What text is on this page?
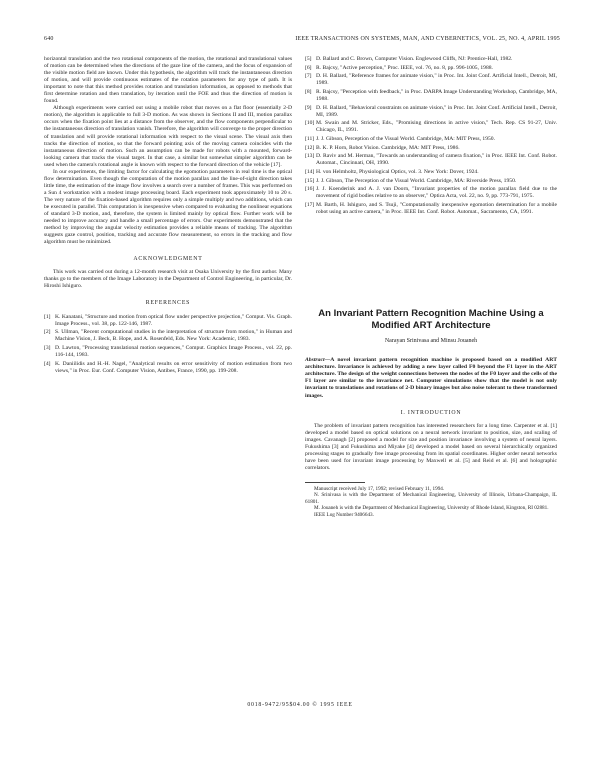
640	IEEE TRANSACTIONS ON SYSTEMS, MAN, AND CYBERNETICS, VOL. 25, NO. 4, APRIL 1995

horizontal translation and the two rotational components of the motion, the rotational and translational values of motion can be determined when the directions of the gaze line of the camera, and the focus of expansion of the visible motion field are known. Under this hypothesis, the algorithm will track the instantaneous direction of motion, and will provide continuous estimates of the rotation parameters for any type of path. It is important to note that this method provides rotation and translation information, as opposed to methods that first determine rotation and then translation, by iteration until the FOE and thus the direction of motion is found.

Although experiments were carried out using a mobile robot that moves on a flat floor (essentially 2-D motion), the algorithm is applicable to full 3-D motion. As was shown in Sections II and III, motion parallax occurs when the fixation point lies at a distance from the observer, and the flow components perpendicular to the instantaneous direction of translation vanish. Therefore, the algorithm will converge to the proper direction of translation and will provide rotational information with respect to the visual scene. The visual axis then tracks the direction of motion, so that the forward pointing axis of the moving camera coincides with the instantaneous direction of motion. Such an assumption can be made for robots with a mounted, forward-looking camera that tracks the visual target. In that case, a similar but somewhat simpler algorithm can be used when the camera's rotational angle is known with respect to the forward direction of the vehicle [17].

In our experiments, the limiting factor for calculating the egomotion parameters in real time is the optical flow determination. Even though the computation of the motion parallax and the line-of-sight direction takes little time, the estimation of the image flow involves a search over a number of frames. This was performed on a Sun 4 workstation with a modest image processing board. Each experiment took approximately 10 to 20 s. The very nature of the fixation-based algorithm requires only a simple multiply and two additions, which can be executed in parallel. This computation is inexpensive when compared to evaluating the nonlinear equations of standard 3-D motion, and, therefore, the system is limited mainly by optical flow. Further work will be needed to improve accuracy and handle a small percentage of errors. Our experiments demonstrated that the method by improving the angular velocity estimation provides a reliable means of tracking. The algorithm suggests gaze control, position, tracking and accurate flow measurement, so errors in the tracking and flow algorithm must be minimized.

ACKNOWLEDGMENT

This work was carried out during a 12-month research visit at Osaka University by the first author. Many thanks go to the members of the Image Laboratory in the Department of Control Engineering, in particular, Dr. Hiroshi Ishiguro.

REFERENCES

[1] K. Kanatani, "Structure and motion from optical flow under perspective projection," Comput. Vis. Graph. Image Process., vol. 38, pp. 122-146, 1987.

[2] S. Ullman, "Recent computational studies in the interpretation of structure from motion," in Human and Machine Vision, J. Beck, B. Hope, and A. Rosenfeld, Eds. New York: Academic, 1983.

[3] D. Lawton, "Processing translational motion sequences," Comput. Graphics Image Process., vol. 22, pp. 116-144, 1983.

[4] K. Daniilidis and H.-H. Nagel, "Analytical results on error sensitivity of motion estimation from two views," in Proc. Eur. Conf. Computer Vision, Antibes, France, 1990, pp. 199-208.

[5] D. Ballard and C. Brown, Computer Vision. Englewood Cliffs, NJ: Prentice-Hall, 1982.

[6] R. Bajcsy, "Active perception," Proc. IEEE, vol. 76, no. 8, pp. 996-1005, 1988.

[7] D. H. Ballard, "Reference frames for animate vision," in Proc. Int. Joint Conf. Artificial Intell., Detroit, MI, 1989.

[8] R. Bajcsy, "Perception with feedback," in Proc. DARPA Image Understanding Workshop, Cambridge, MA, 1988.

[9] D. H. Ballard, "Behavioral constraints on animate vision," in Proc. Int. Joint Conf. Artificial Intell., Detroit, MI, 1989.

[10] M. Swain and M. Stricker, Eds., "Promising directions in active vision," Tech. Rep. CS 91-27, Univ. Chicago, IL, 1991.

[11] J. J. Gibson, Perception of the Visual World. Cambridge, MA: MIT Press, 1950.

[12] B. K. P. Horn, Robot Vision. Cambridge, MA: MIT Press, 1986.

[13] D. Raviv and M. Herman, "Towards an understanding of camera fixation," in Proc. IEEE Int. Conf. Robot. Automat., Cincinnati, OH, 1990.

[14] H. von Helmholtz, Physiological Optics, vol. 3. New York: Dover, 1924.

[15] J. J. Gibson, The Perception of the Visual World. Cambridge, MA: Riverside Press, 1950.

[16] J. J. Koenderink and A. J. van Doorn, "Invariant properties of the motion parallax field due to the movement of rigid bodies relative to an observer," Optica Acta, vol. 22, no. 9, pp. 773-791, 1975.

[17] M. Barth, H. Ishiguro, and S. Tsuji, "Computationally inexpensive egomotion determination for a mobile robot using an active camera," in Proc. IEEE Int. Conf. Robot. Automat., Sacramento, CA, 1991.

An Invariant Pattern Recognition Machine Using a Modified ART Architecture
Narayan Srinivasa and Minsu Jouaneh

Abstract—A novel invariant pattern recognition machine is proposed based on a modified ART architecture. Invariance is achieved by adding a new layer called F0 beyond the F1 layer in the ART architecture. The design of the weight connections between the nodes of the F0 layer and the cells of the F1 layer are similar to the invariance net. Computer simulations show that the model is not only invariant to translations and rotations of 2-D binary images but also noise tolerant to these transformed images.

I. INTRODUCTION

The problem of invariant pattern recognition has interested researchers for a long time. Carpenter et al. [1] developed a model based on optical solutions on a neural network invariant to position, size, and scaling of images. Cavanagh [2] proposed a model for size and position invariance involving a system of neural layers. Fukushima [3] and Fukushima and Miyake [4] developed a model based on several hierarchically organized processing stages to gradually free image processing from its spatial coordinates. Higher order neural networks have been used for invariant image processing by Maxwell et al. [5] and Reid et al. [6] and holographic correlators.

Manuscript received July 17, 1992; revised February 11, 1994.

N. Srinivasa is with the Department of Mechanical Engineering, University of Illinois, Urbana-Champaign, IL 61801.

M. Jouaneh is with the Department of Mechanical Engineering, University of Rhode Island, Kingston, RI 02881.

IEEE Log Number 9406643.

0018-9472/95$04.00 © 1995 IEEE
